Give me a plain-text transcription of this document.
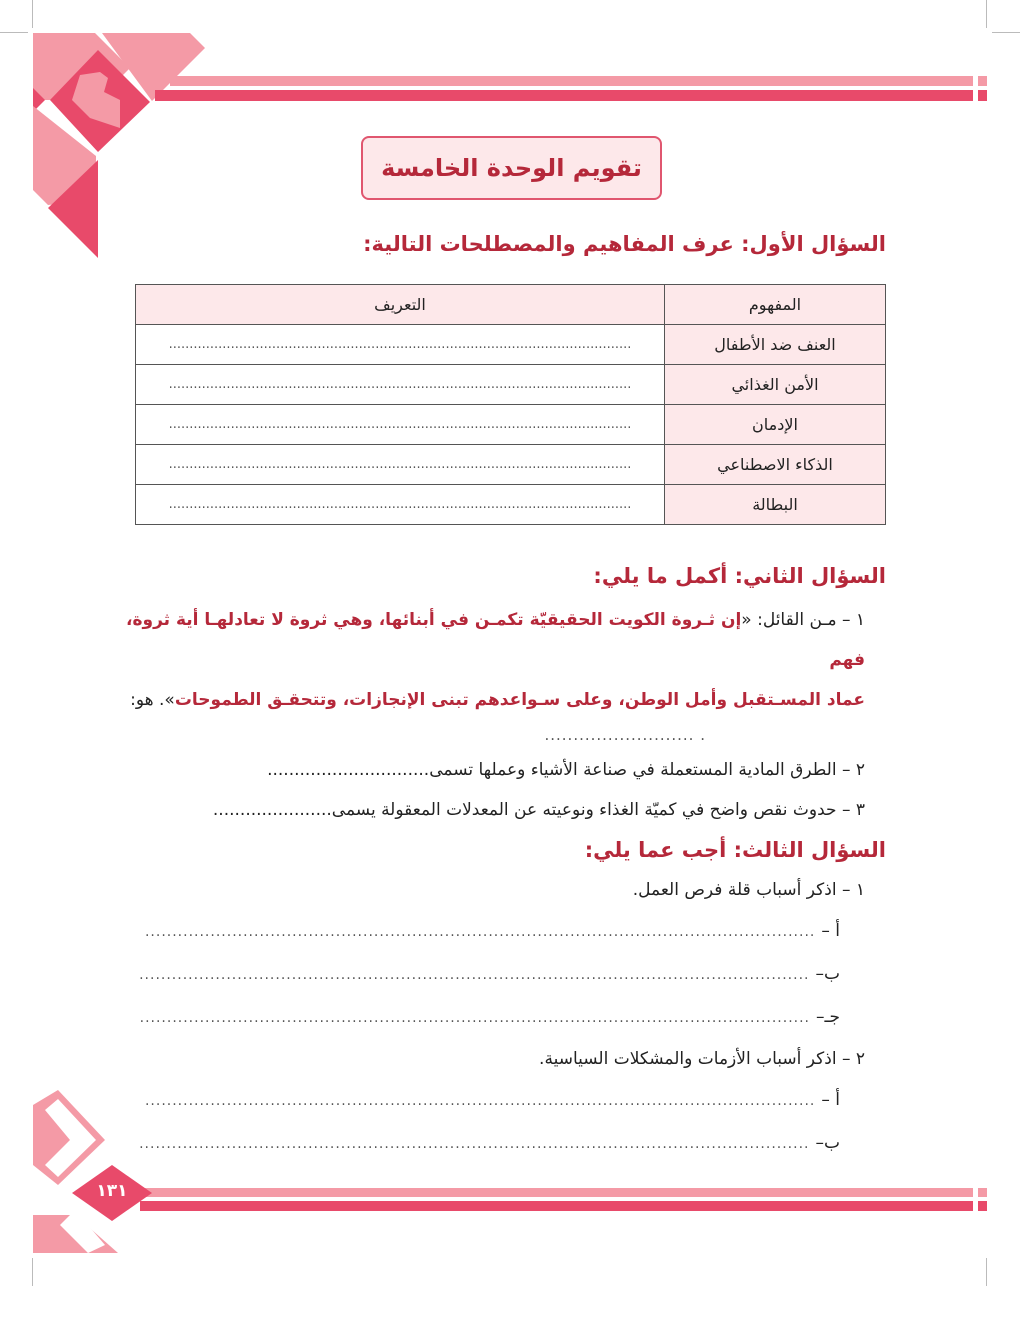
تقويم الوحدة الخامسة
السؤال الأول: عرف المفاهيم والمصطلحات التالية:
المفهوم	التعريف
العنف ضد الأطفال	................................................................................................................
الأمن الغذائي	................................................................................................................
الإدمان	................................................................................................................
الذكاء الاصطناعي	................................................................................................................
البطالة	................................................................................................................
السؤال الثاني: أكمل ما يلي:
١ – مـن القائل: «إن ثـروة الكويت الحقيقيّة تكمـن في أبنائها، وهي ثروة لا تعادلهـا أية ثروة، فهم
عماد المسـتقبل وأمل الوطن، وعلى سـواعدهم تبنى الإنجازات، وتتحقـق الطموحات». هو:
. ..........................
٢ – الطرق المادية المستعملة في صناعة الأشياء وعملها تسمى..............................
٣ – حدوث نقص واضح في كميّة الغذاء ونوعيته عن المعدلات المعقولة يسمى......................
السؤال الثالث: أجب عما يلي:
١ – اذكر أسباب قلة فرص العمل.
أ –
...........................................................................................................................
ب–
...........................................................................................................................
جـ–
...........................................................................................................................
٢ – اذكر أسباب الأزمات والمشكلات السياسية.
أ –
...........................................................................................................................
ب–
...........................................................................................................................
١٣١
